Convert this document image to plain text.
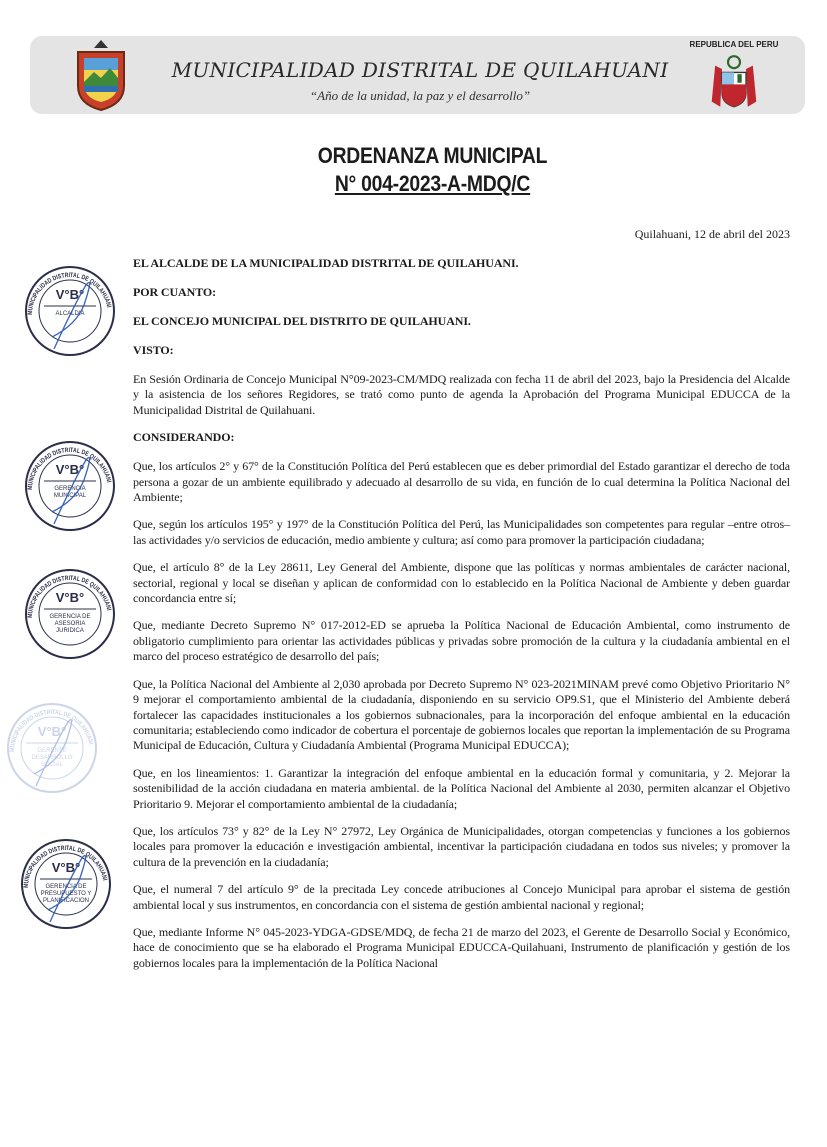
MUNICIPALIDAD DISTRITAL DE QUILAHUANI
“Año de la unidad, la paz y el desarrollo”
REPUBLICA DEL PERU
ORDENANZA MUNICIPAL
N° 004-2023-A-MDQ/C
Quilahuani, 12 de abril del 2023
EL ALCALDE DE LA MUNICIPALIDAD DISTRITAL DE QUILAHUANI.
POR CUANTO:
EL CONCEJO MUNICIPAL DEL DISTRITO DE QUILAHUANI.
VISTO:
En Sesión Ordinaria de Concejo Municipal N°09-2023-CM/MDQ realizada con fecha 11 de abril del 2023, bajo la Presidencia del Alcalde y la asistencia de los señores Regidores, se trató como punto de agenda la Aprobación del Programa Municipal EDUCCA de la Municipalidad Distrital de Quilahuani.
CONSIDERANDO:
Que, los artículos 2° y 67° de la Constitución Política del Perú establecen que es deber primordial del Estado garantizar el derecho de toda persona a gozar de un ambiente equilibrado y adecuado al desarrollo de su vida, en función de lo cual determina la Política Nacional del Ambiente;
Que, según los artículos 195° y 197° de la Constitución Política del Perú, las Municipalidades son competentes para regular –entre otros– las actividades y/o servicios de educación, medio ambiente y cultura; así como para promover la participación ciudadana;
Que, el artículo 8° de la Ley 28611, Ley General del Ambiente, dispone que las políticas y normas ambientales de carácter nacional, sectorial, regional y local se diseñan y aplican de conformidad con lo establecido en la Política Nacional de Ambiente y deben guardar concordancia entre sí;
Que, mediante Decreto Supremo N° 017-2012-ED se aprueba la Política Nacional de Educación Ambiental, como instrumento de obligatorio cumplimiento para orientar las actividades públicas y privadas sobre promoción de la cultura y la ciudadanía ambiental en el marco del proceso estratégico de desarrollo del país;
Que, la Política Nacional del Ambiente al 2,030 aprobada por Decreto Supremo N° 023-2021MINAM prevé como Objetivo Prioritario N° 9 mejorar el comportamiento ambiental de la ciudadanía, disponiendo en su servicio OP9.S1, que el Ministerio del Ambiente deberá fortalecer las capacidades institucionales a los gobiernos subnacionales, para la incorporación del enfoque ambiental en la educación comunitaria; estableciendo como indicador de cobertura el porcentaje de gobiernos locales que reportan la implementación de su Programa Municipal de Educación, Cultura y Ciudadanía Ambiental (Programa Municipal EDUCCA);
Que, en los lineamientos: 1. Garantizar la integración del enfoque ambiental en la educación formal y comunitaria, y 2. Mejorar la sostenibilidad de la acción ciudadana en materia ambiental. de la Política Nacional del Ambiente al 2030, permiten alcanzar el Objetivo Prioritario 9. Mejorar el comportamiento ambiental de la ciudadanía;
Que, los artículos 73° y 82° de la Ley N° 27972, Ley Orgánica de Municipalidades, otorgan competencias y funciones a los gobiernos locales para promover la educación e investigación ambiental, incentivar la participación ciudadana en todos sus niveles; y promover la cultura de la prevención en la ciudadanía;
Que, el numeral 7 del artículo 9° de la precitada Ley concede atribuciones al Concejo Municipal para aprobar el sistema de gestión ambiental local y sus instrumentos, en concordancia con el sistema de gestión ambiental nacional y regional;
Que, mediante Informe N° 045-2023-YDGA-GDSE/MDQ, de fecha 21 de marzo del 2023, el Gerente de Desarrollo Social y Económico, hace de conocimiento que se ha elaborado el Programa Municipal EDUCCA-Quilahuani, Instrumento de planificación y gestión de los gobiernos locales para la implementación de la Política Nacional
MUNICIPALIDAD DISTRITAL DE QUILAHUANI
V°B°
ALCALDIA
MUNICIPALIDAD DISTRITAL DE QUILAHUANI
V°B°
GERENCIA MUNICIPAL
MUNICIPALIDAD DISTRITAL DE QUILAHUANI
V°B°
GERENCIA DE ASESORIA JURIDICA
MUNICIPALIDAD DISTRITAL DE QUILAHUANI
V°B°
GERENTE DESARROLLO SOCIAL
MUNICIPALIDAD DISTRITAL DE QUILAHUANI
V°B°
GERENCIA DE PRESUPUESTO Y PLANIFICACION
